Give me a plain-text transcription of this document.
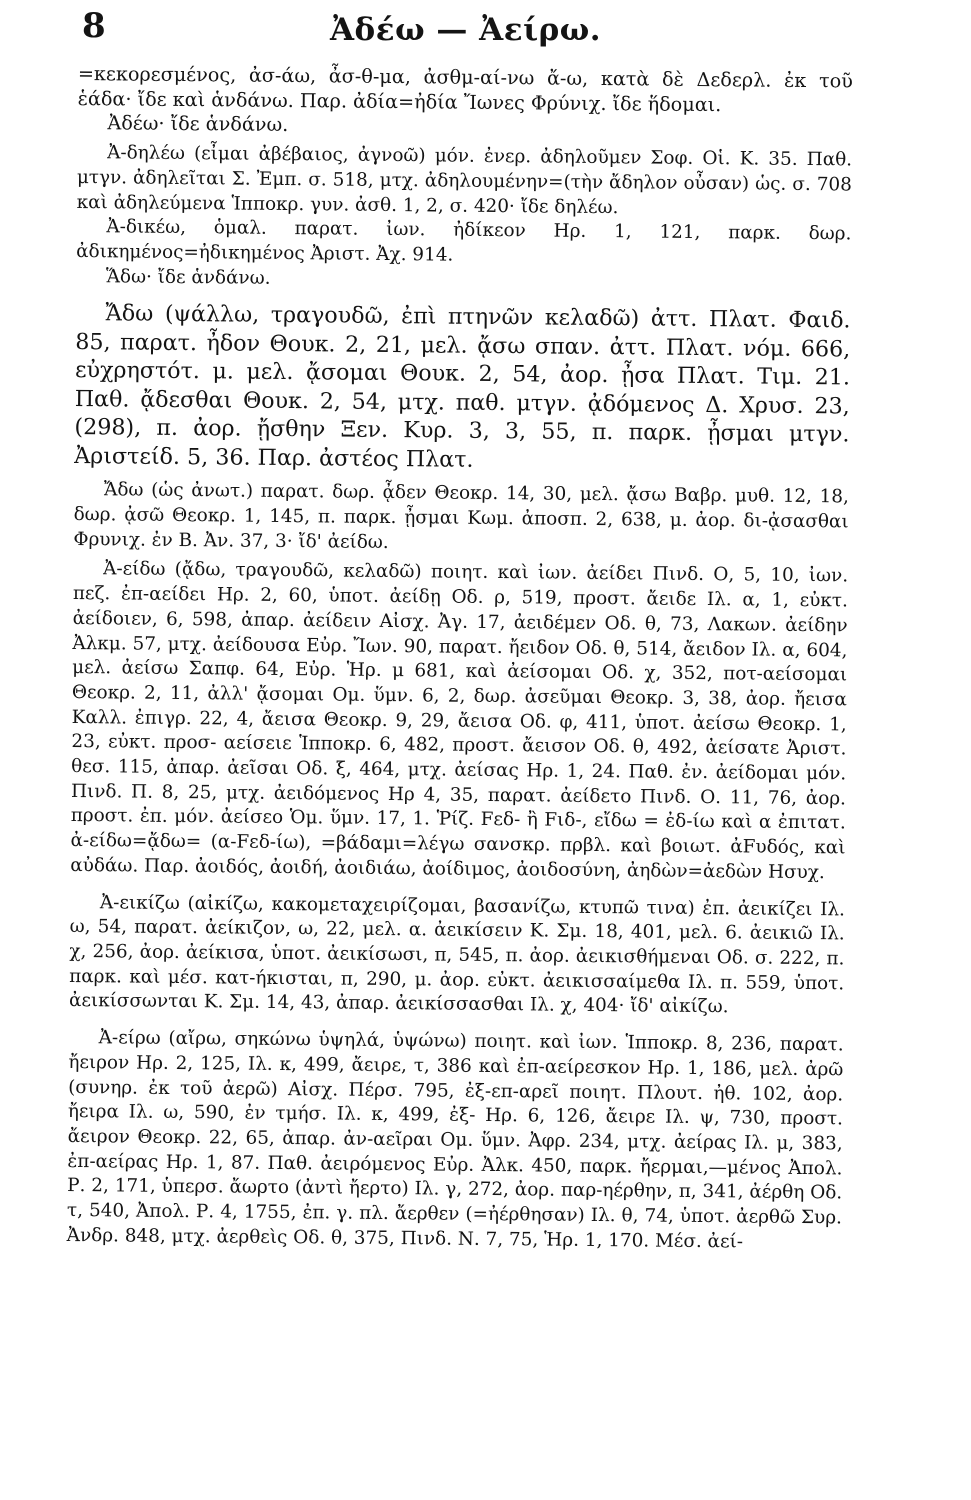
8	Ἀδέω — Ἀείρω.

=κεκορεσμένος, ἀσ-άω, ἆσ-θ-μα, ἀσθμ-αί-νω ἄ-ω, κατὰ δὲ Δεδερλ. ἐκ τοῦ ἑάδα· ἴδε καὶ ἁνδάνω. Παρ. ἀδία=ἠδία Ἴωνες Φρύνιχ. ἴδε ἥδομαι.

Ἀδέω· ἴδε ἁνδάνω.

Ἀ-δηλέω (εἶμαι ἀβέβαιος, ἀγνοῶ) μόν. ἐνερ. ἀδηλοῦμεν Σοφ. Οἱ. Κ. 35. Παθ. μτγν. ἀδηλεῖται Σ. Ἐμπ. σ. 518, μτχ. ἀδηλουμένην=(τὴν ἄδηλον οὖσαν) ὡς. σ. 708 καὶ ἀδηλεύμενα Ἱπποκρ. γυν. ἀσθ. 1, 2, σ. 420· ἴδε δηλέω.

Ἀ-δικέω, ὁμαλ. παρατ. ἰων. ἠδίκεον Ηρ. 1, 121, παρκ. δωρ. ἀδικημένος=ἠδικημένος Ἀριστ. Ἀχ. 914.

Ἅδω· ἴδε ἁνδάνω.

Ἄδω (ψάλλω, τραγουδῶ, ἐπὶ πτηνῶν κελαδῶ) ἀττ. Πλατ. Φαιδ. 85, παρατ. ἦδον Θουκ. 2, 21, μελ. ᾄσω σπαν. ἀττ. Πλατ. νόμ. 666, εὐχρηστότ. μ. μελ. ᾄσομαι Θουκ. 2, 54, ἀορ. ᾖσα Πλατ. Τιμ. 21. Παθ. ᾄδεσθαι Θουκ. 2, 54, μτχ. παθ. μτγν. ᾀδόμενος Δ. Χρυσ. 23, (298), π. ἀορ. ᾔσθην Ξεν. Κυρ. 3, 3, 55, π. παρκ. ᾖσμαι μτγν. Ἀριστείδ. 5, 36. Παρ. ἀστέος Πλατ.

Ἄδω (ὡς ἀνωτ.) παρατ. δωρ. ᾆδεν Θεοκρ. 14, 30, μελ. ᾄσω Βαβρ. μυθ. 12, 18, δωρ. ᾀσῶ Θεοκρ. 1, 145, π. παρκ. ᾖσμαι Κωμ. ἀποσπ. 2, 638, μ. ἀορ. δι-ᾀσασθαι Φρυνιχ. ἐν Β. Ἀν. 37, 3· ἴδ' ἀείδω.

Ἀ-είδω (ᾄδω, τραγουδῶ, κελαδῶ) ποιητ. καὶ ἰων. ἀείδει Πινδ. Ο, 5, 10, ἰων. πεζ. ἐπ-αείδει Ηρ. 2, 60, ὑποτ. ἀείδῃ Οδ. ρ, 519, προστ. ἄειδε Ιλ. α, 1, εὐκτ. ἀείδοιεν, 6, 598, ἀπαρ. ἀείδειν Αἰσχ. Ἀγ. 17, ἀειδέμεν Οδ. θ, 73, Λακων. ἀείδην Ἀλκμ. 57, μτχ. ἀείδουσα Εὐρ. Ἴων. 90, παρατ. ἤειδον Οδ. θ, 514, ἄειδον Ιλ. α, 604, μελ. ἀείσω Σαπφ. 64, Εὐρ. Ἡρ. μ 681, καὶ ἀείσομαι Οδ. χ, 352, ποτ-αείσομαι Θεοκρ. 2, 11, ἀλλ' ᾄσομαι Ομ. ὕμν. 6, 2, δωρ. ἀσεῦμαι Θεοκρ. 3, 38, ἀορ. ἤεισα Καλλ. ἐπιγρ. 22, 4, ἄεισα Θεοκρ. 9, 29, ἄεισα Οδ. φ, 411, ὑποτ. ἀείσω Θεοκρ. 1, 23, εὐκτ. προσ- αείσειε Ἱπποκρ. 6, 482, προστ. ἄεισον Οδ. θ, 492, ἀείσατε Ἀριστ. θεσ. 115, ἀπαρ. ἀεῖσαι Οδ. ξ, 464, μτχ. ἀείσας Ηρ. 1, 24. Παθ. ἐν. ἀείδομαι μόν. Πινδ. Π. 8, 25, μτχ. ἀειδόμενος Ηρ 4, 35, παρατ. ἀείδετο Πινδ. Ο. 11, 76, ἀορ. προστ. ἐπ. μόν. ἀείσεο Ὁμ. ὕμν. 17, 1. Ῥίζ. Fεδ- ἢ Fιδ-, εἴδω = ἐδ-ίω καὶ α ἐπιτατ. ἀ-είδω=ᾄδω= (α-Fεδ-ίω), =βάδαμι=λέγω σανσκρ. πρβλ. καὶ βοιωτ. ἀFυδός, καὶ αὐδάω. Παρ. ἀοιδός, ἀοιδή, ἀοιδιάω, ἀοίδιμος, ἀοιδοσύνη, ἀηδὼν=ἀεδὼν Ησυχ.

Ἀ-εικίζω (αἰκίζω, κακομεταχειρίζομαι, βασανίζω, κτυπῶ τινα) ἐπ. ἀεικίζει Ιλ. ω, 54, παρατ. ἀείκιζον, ω, 22, μελ. α. ἀεικίσειν Κ. Σμ. 18, 401, μελ. 6. ἀεικιῶ Ιλ. χ, 256, ἀορ. ἀείκισα, ὑποτ. ἀεικίσωσι, π, 545, π. ἀορ. ἀεικισθήμεναι Οδ. σ. 222, π. παρκ. καὶ μέσ. κατ-ήκισται, π, 290, μ. ἀορ. εὐκτ. ἀεικισσαίμεθα Ιλ. π. 559, ὑποτ. ἀεικίσσωνται Κ. Σμ. 14, 43, ἀπαρ. ἀεικίσσασθαι Ιλ. χ, 404· ἴδ' αἰκίζω.

Ἀ-είρω (αἴρω, σηκώνω ὑψηλά, ὑψώνω) ποιητ. καὶ ἰων. Ἱπποκρ. 8, 236, παρατ. ἤειρον Ηρ. 2, 125, Ιλ. κ, 499, ἄειρε, τ, 386 καὶ ἐπ-αείρεσκον Ηρ. 1, 186, μελ. ἀρῶ (συνηρ. ἐκ τοῦ ἀερῶ) Αἰσχ. Πέρσ. 795, ἐξ-επ-αρεῖ ποιητ. Πλουτ. ἠθ. 102, ἀορ. ἤειρα Ιλ. ω, 590, ἐν τμήσ. Ιλ. κ, 499, ἐξ- Ηρ. 6, 126, ἄειρε Ιλ. ψ, 730, προστ. ἄειρον Θεοκρ. 22, 65, ἀπαρ. ἀν-αεῖραι Ομ. ὕμν. Ἀφρ. 234, μτχ. ἀείρας Ιλ. μ, 383, ἐπ-αείρας Ηρ. 1, 87. Παθ. ἀειρόμενος Εὐρ. Ἀλκ. 450, παρκ. ἤερμαι,—μένος Ἀπολ. Ρ. 2, 171, ὑπερσ. ἄωρτο (ἀντὶ ἤερτο) Ιλ. γ, 272, ἀορ. παρ-ηέρθην, π, 341, ἀέρθη Οδ. τ, 540, Ἀπολ. Ρ. 4, 1755, ἐπ. γ. πλ. ἄερθεν (=ἠέρθησαν) Ιλ. θ, 74, ὑποτ. ἀερθῶ Συρ. Ἀνδρ. 848, μτχ. ἀερθεὶς Οδ. θ, 375, Πινδ. Ν. 7, 75, Ἡρ. 1, 170. Μέσ. ἀεί-
